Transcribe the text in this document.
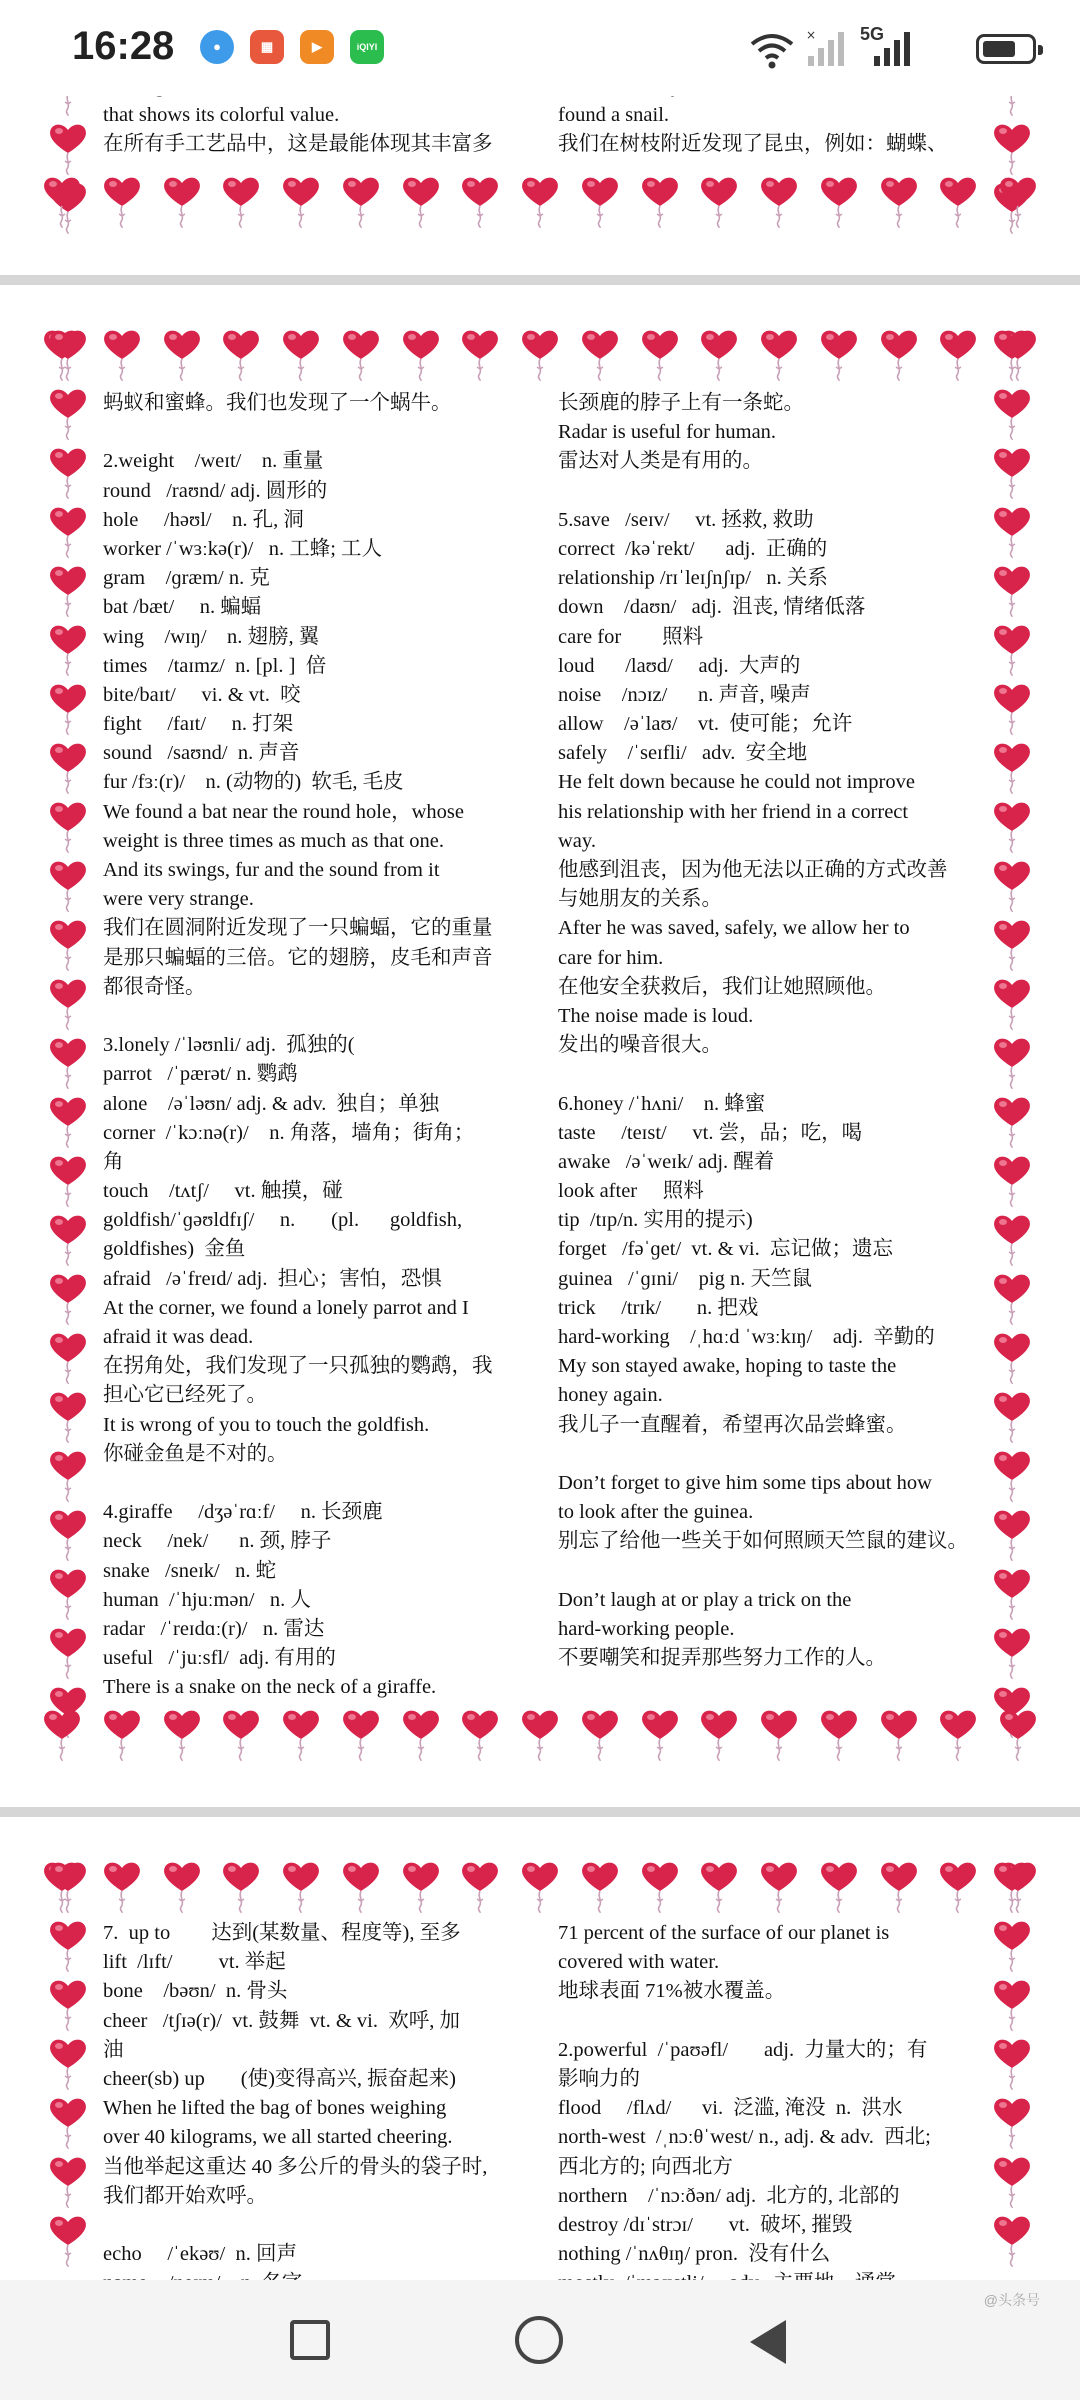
16:28	●	▦	▶	iQIYI
× 5G
that shows its colorful value.
在所有手工艺品中，这是最能体现其丰富多
found a snail.
我们在树枝附近发现了昆虫，例如：蝴蝶、
蚂蚁和蜜蜂。我们也发现了一个蜗牛。
2.weight    /weɪt/    n. 重量
round   /raʊnd/ adj. 圆形的
hole     /həʊl/    n. 孔, 洞
worker /ˈwɜːkə(r)/   n. 工蜂; 工人
gram    /ɡræm/ n. 克
bat /bæt/     n. 蝙蝠
wing    /wɪŋ/    n. 翅膀, 翼
times    /taɪmz/  n. [pl. ]  倍
bite/baɪt/     vi. & vt.  咬
fight     /faɪt/     n. 打架
sound   /saʊnd/  n. 声音
fur /fɜː(r)/    n. (动物的)  软毛, 毛皮
We found a bat near the round hole，whose
weight is three times as much as that one.
And its swings, fur and the sound from it
were very strange.
我们在圆洞附近发现了一只蝙蝠，它的重量
是那只蝙蝠的三倍。它的翅膀，皮毛和声音
都很奇怪。
3.lonely /ˈləʊnli/ adj.  孤独的(
parrot   /ˈpærət/ n. 鹦鹉
alone    /əˈləʊn/ adj. & adv.  独自；单独
corner  /ˈkɔːnə(r)/    n. 角落，墙角；街角；
角
touch    /tʌtʃ/     vt. 触摸，碰
goldfish/ˈɡəʊldfɪʃ/     n.       (pl.      goldfish,
goldfishes)  金鱼
afraid   /əˈfreɪd/ adj.  担心；害怕，恐惧
At the corner, we found a lonely parrot and I
afraid it was dead.
在拐角处，我们发现了一只孤独的鹦鹉，我
担心它已经死了。
It is wrong of you to touch the goldfish.
你碰金鱼是不对的。
4.giraffe     /dʒəˈrɑːf/     n. 长颈鹿
neck     /nek/      n. 颈, 脖子
snake   /sneɪk/   n. 蛇
human  /ˈhjuːmən/   n. 人
radar   /ˈreɪdɑː(r)/   n. 雷达
useful   /ˈjuːsfl/  adj. 有用的
There is a snake on the neck of a giraffe.
长颈鹿的脖子上有一条蛇。
Radar is useful for human.
雷达对人类是有用的。
5.save   /seɪv/     vt. 拯救, 救助
correct  /kəˈrekt/      adj.  正确的
relationship /rɪˈleɪʃnʃɪp/   n. 关系
down    /daʊn/   adj.  沮丧, 情绪低落
care for        照料
loud      /laʊd/     adj.  大声的
noise    /nɔɪz/      n. 声音, 噪声
allow    /əˈlaʊ/    vt.  使可能；允许
safely    /ˈseɪfli/   adv.  安全地
He felt down because he could not improve
his relationship with her friend in a correct
way.
他感到沮丧，因为他无法以正确的方式改善
与她朋友的关系。
After he was saved, safely, we allow her to
care for him.
在他安全获救后，我们让她照顾他。
The noise made is loud.
发出的噪音很大。
6.honey /ˈhʌni/    n. 蜂蜜
taste     /teɪst/     vt. 尝，品；吃，喝
awake   /əˈweɪk/ adj. 醒着
look after     照料
tip  /tɪp/n. 实用的提示)
forget   /fəˈɡet/  vt. & vi.  忘记做；遗忘
guinea   /ˈɡɪni/    pig n. 天竺鼠
trick     /trɪk/       n. 把戏
hard-working    /ˌhɑːd ˈwɜːkɪŋ/    adj.  辛勤的
My son stayed awake, hoping to taste the
honey again.
我儿子一直醒着，希望再次品尝蜂蜜。
Don’t forget to give him some tips about how
to look after the guinea.
别忘了给他一些关于如何照顾天竺鼠的建议。
Don’t laugh at or play a trick on the
hard-working people.
不要嘲笑和捉弄那些努力工作的人。
7.  up to        达到(某数量、程度等), 至多
lift  /lɪft/         vt. 举起
bone    /bəʊn/  n. 骨头
cheer   /tʃɪə(r)/  vt. 鼓舞  vt. & vi.  欢呼, 加
油
cheer(sb) up       (使)变得高兴, 振奋起来)
When he lifted the bag of bones weighing
over 40 kilograms, we all started cheering.
当他举起这重达 40 多公斤的骨头的袋子时,
我们都开始欢呼。
echo     /ˈekəʊ/  n. 回声
71 percent of the surface of our planet is
covered with water.
地球表面 71%被水覆盖。
2.powerful  /ˈpaʊəfl/       adj.  力量大的；有
影响力的
flood     /flʌd/      vi.  泛滥, 淹没  n.  洪水
north-west  /ˌnɔːθˈwest/ n., adj. & adv.  西北;
西北方的; 向西北方
northern    /ˈnɔːðən/ adj.  北方的, 北部的
destroy /dɪˈstrɔɪ/       vt.  破坏, 摧毁
nothing /ˈnʌθɪŋ/ pron.  没有什么
@头条号
